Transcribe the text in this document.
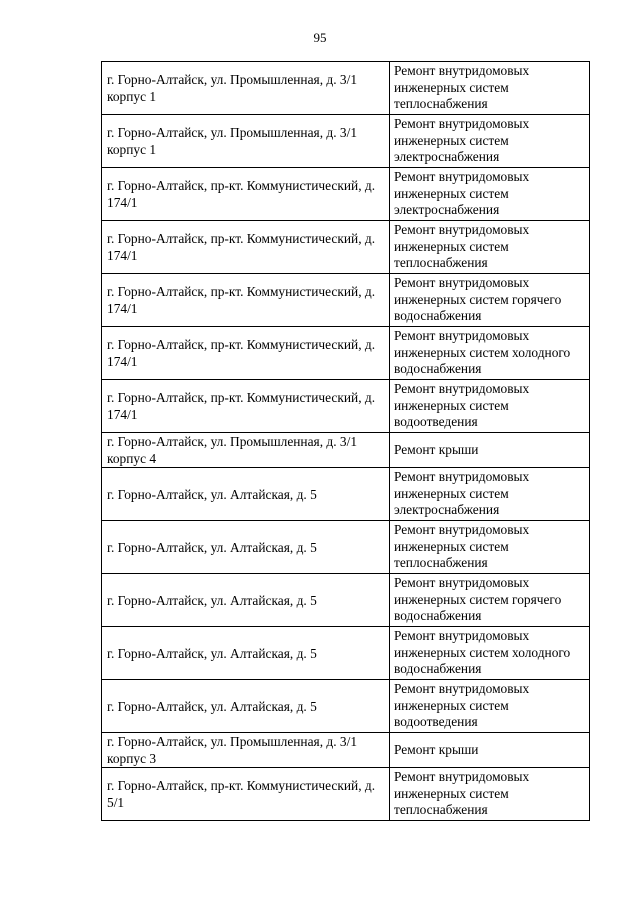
95
г. Горно-Алтайск, ул. Промышленная, д. 3/1 корпус 1	Ремонт внутридомовых инженерных систем теплоснабжения
г. Горно-Алтайск, ул. Промышленная, д. 3/1 корпус 1	Ремонт внутридомовых инженерных систем электроснабжения
г. Горно-Алтайск, пр-кт. Коммунистический, д. 174/1	Ремонт внутридомовых инженерных систем электроснабжения
г. Горно-Алтайск, пр-кт. Коммунистический, д. 174/1	Ремонт внутридомовых инженерных систем теплоснабжения
г. Горно-Алтайск, пр-кт. Коммунистический, д. 174/1	Ремонт внутридомовых инженерных систем горячего водоснабжения
г. Горно-Алтайск, пр-кт. Коммунистический, д. 174/1	Ремонт внутридомовых инженерных систем холодного водоснабжения
г. Горно-Алтайск, пр-кт. Коммунистический, д. 174/1	Ремонт внутридомовых инженерных систем водоотведения
г. Горно-Алтайск, ул. Промышленная, д. 3/1 корпус 4	Ремонт крыши
г. Горно-Алтайск, ул. Алтайская, д. 5	Ремонт внутридомовых инженерных систем электроснабжения
г. Горно-Алтайск, ул. Алтайская, д. 5	Ремонт внутридомовых инженерных систем теплоснабжения
г. Горно-Алтайск, ул. Алтайская, д. 5	Ремонт внутридомовых инженерных систем горячего водоснабжения
г. Горно-Алтайск, ул. Алтайская, д. 5	Ремонт внутридомовых инженерных систем холодного водоснабжения
г. Горно-Алтайск, ул. Алтайская, д. 5	Ремонт внутридомовых инженерных систем водоотведения
г. Горно-Алтайск, ул. Промышленная, д. 3/1 корпус 3	Ремонт крыши
г. Горно-Алтайск, пр-кт. Коммунистический, д. 5/1	Ремонт внутридомовых инженерных систем теплоснабжения
